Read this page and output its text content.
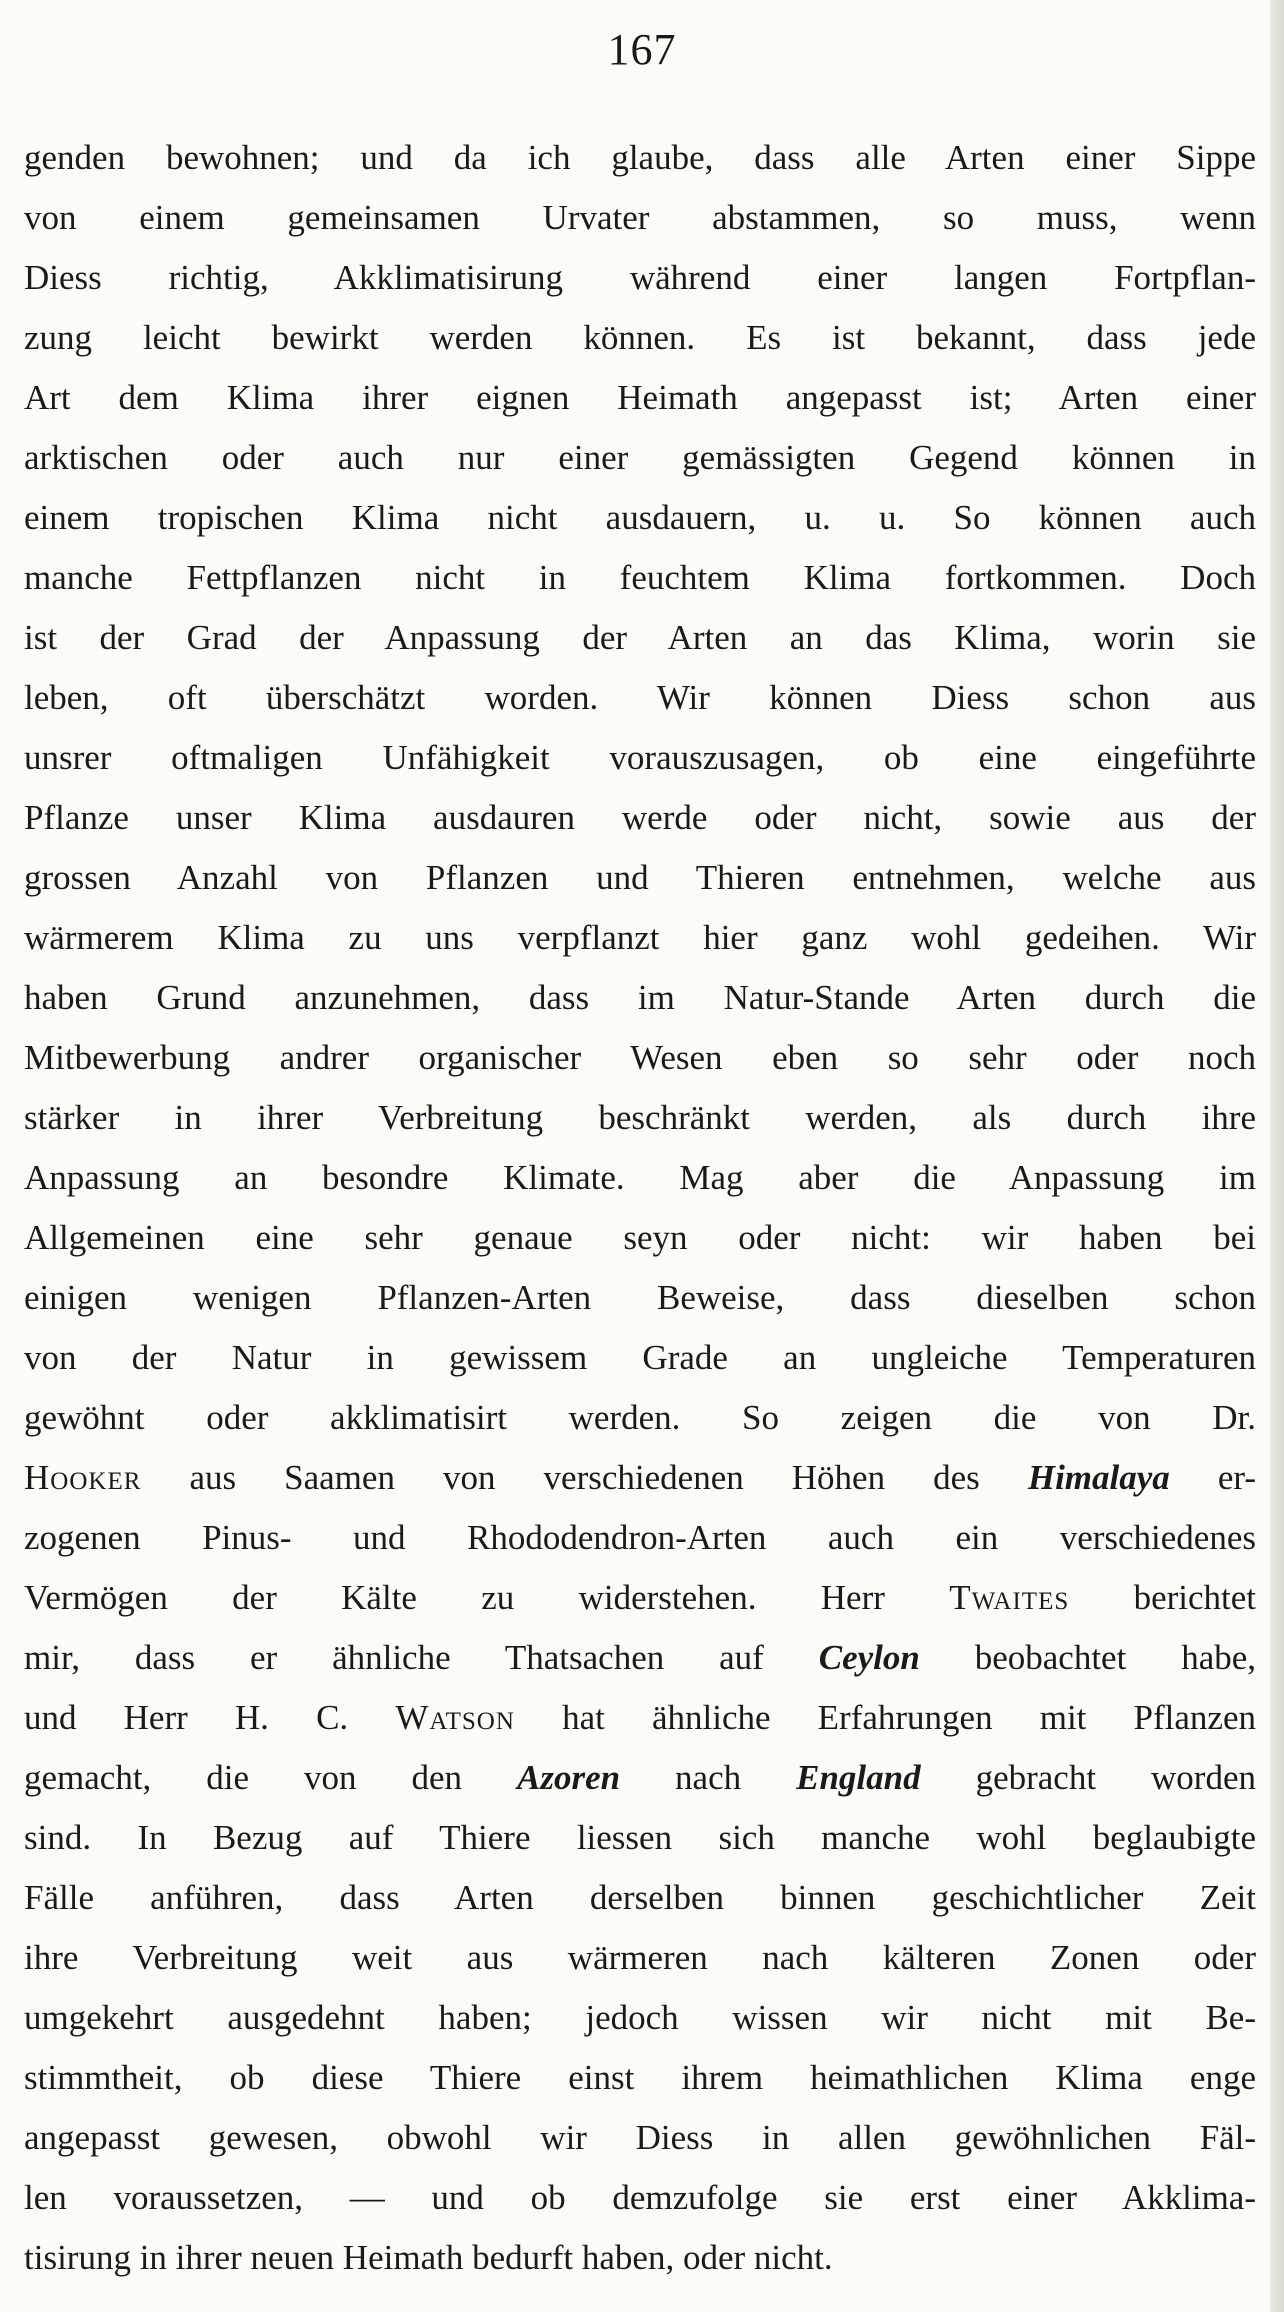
167
genden bewohnen; und da ich glaube, dass alle Arten einer Sippe
von einem gemeinsamen Urvater abstammen, so muss, wenn
Diess richtig, Akklimatisirung während einer langen Fortpflan-
zung leicht bewirkt werden können. Es ist bekannt, dass jede
Art dem Klima ihrer eignen Heimath angepasst ist; Arten einer
arktischen oder auch nur einer gemässigten Gegend können in
einem tropischen Klima nicht ausdauern, u. u. So können auch
manche Fettpflanzen nicht in feuchtem Klima fortkommen. Doch
ist der Grad der Anpassung der Arten an das Klima, worin sie
leben, oft überschätzt worden. Wir können Diess schon aus
unsrer oftmaligen Unfähigkeit vorauszusagen, ob eine eingeführte
Pflanze unser Klima ausdauren werde oder nicht, sowie aus der
grossen Anzahl von Pflanzen und Thieren entnehmen, welche aus
wärmerem Klima zu uns verpflanzt hier ganz wohl gedeihen. Wir
haben Grund anzunehmen, dass im Natur-Stande Arten durch die
Mitbewerbung andrer organischer Wesen eben so sehr oder noch
stärker in ihrer Verbreitung beschränkt werden, als durch ihre
Anpassung an besondre Klimate. Mag aber die Anpassung im
Allgemeinen eine sehr genaue seyn oder nicht: wir haben bei
einigen wenigen Pflanzen-Arten Beweise, dass dieselben schon
von der Natur in gewissem Grade an ungleiche Temperaturen
gewöhnt oder akklimatisirt werden. So zeigen die von Dr.
Hooker aus Saamen von verschiedenen Höhen des Himalaya er-
zogenen Pinus- und Rhododendron-Arten auch ein verschiedenes
Vermögen der Kälte zu widerstehen. Herr Twaites berichtet
mir, dass er ähnliche Thatsachen auf Ceylon beobachtet habe,
und Herr H. C. Watson hat ähnliche Erfahrungen mit Pflanzen
gemacht, die von den Azoren nach England gebracht worden
sind. In Bezug auf Thiere liessen sich manche wohl beglaubigte
Fälle anführen, dass Arten derselben binnen geschichtlicher Zeit
ihre Verbreitung weit aus wärmeren nach kälteren Zonen oder
umgekehrt ausgedehnt haben; jedoch wissen wir nicht mit Be-
stimmtheit, ob diese Thiere einst ihrem heimathlichen Klima enge
angepasst gewesen, obwohl wir Diess in allen gewöhnlichen Fäl-
len voraussetzen, — und ob demzufolge sie erst einer Akklima-
tisirung in ihrer neuen Heimath bedurft haben, oder nicht.
